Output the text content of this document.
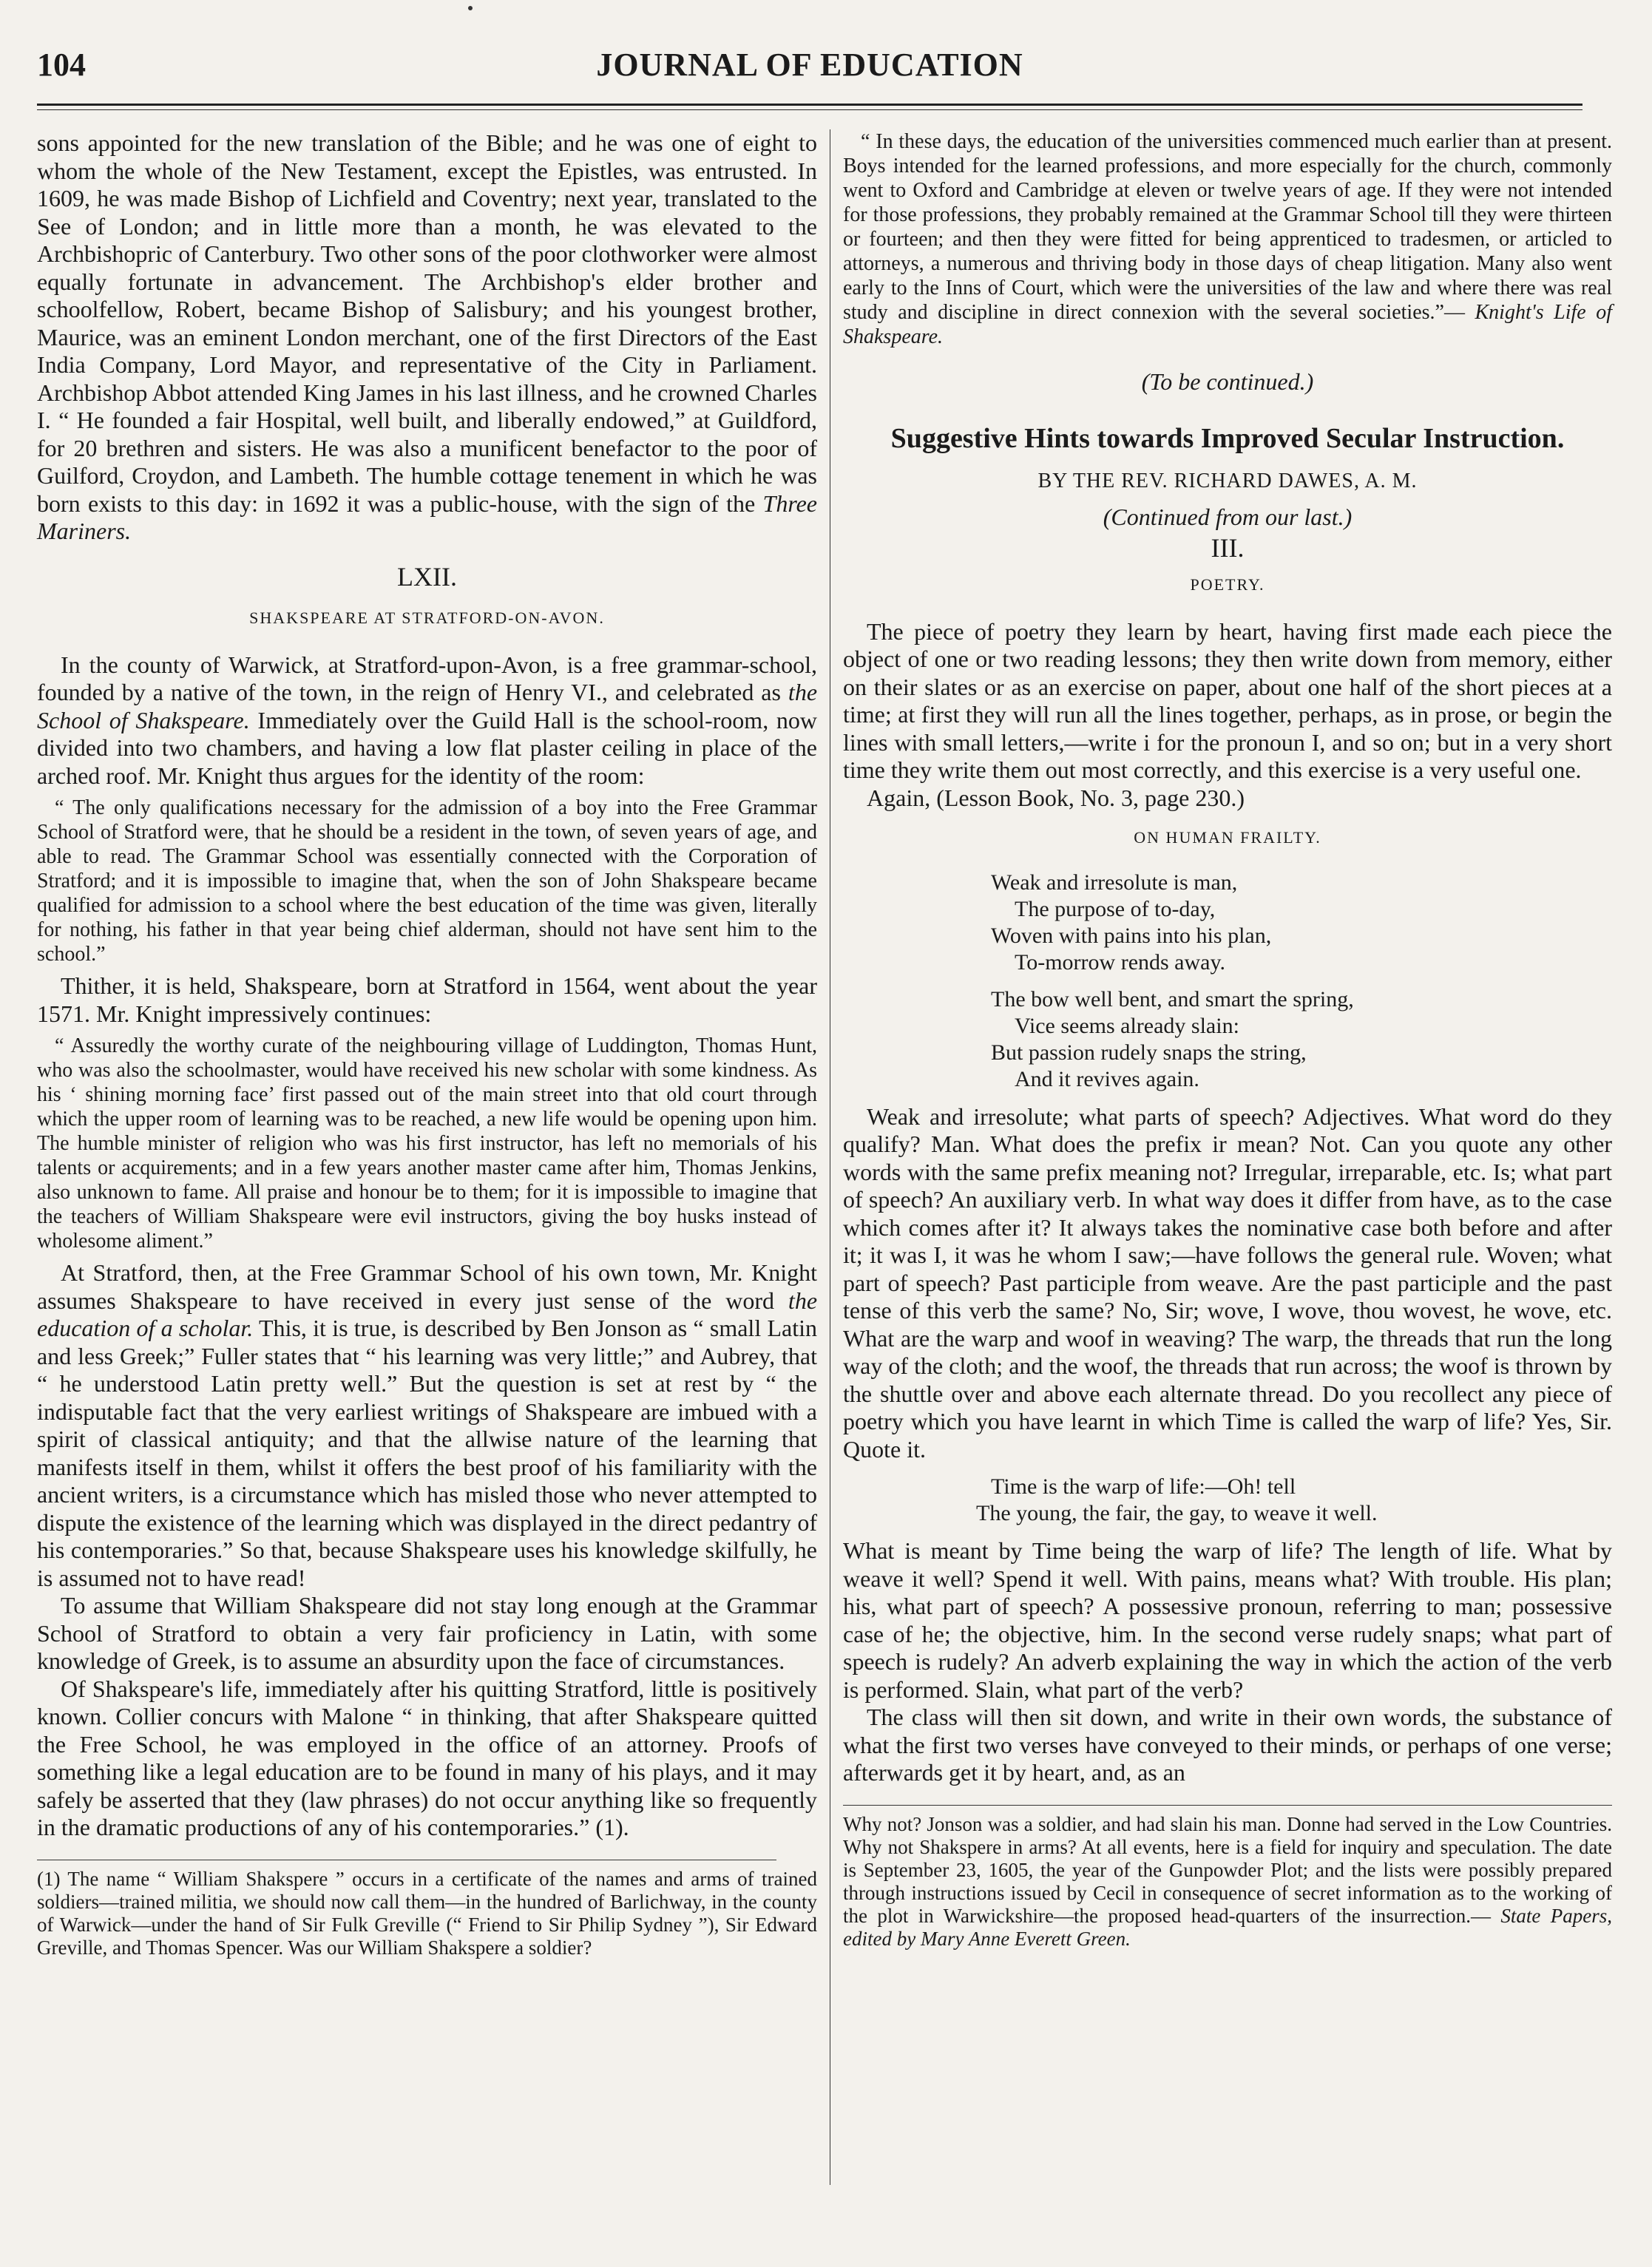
104	JOURNAL OF EDUCATION

sons appointed for the new translation of the Bible; and he was one of eight to whom the whole of the New Testament, except the Epistles, was entrusted. In 1609, he was made Bishop of Lichfield and Coventry; next year, translated to the See of London; and in little more than a month, he was elevated to the Archbishopric of Canterbury. Two other sons of the poor clothworker were almost equally fortunate in advancement. The Archbishop's elder brother and schoolfellow, Robert, became Bishop of Salisbury; and his youngest brother, Maurice, was an eminent London merchant, one of the first Directors of the East India Company, Lord Mayor, and representative of the City in Parliament. Archbishop Abbot attended King James in his last illness, and he crowned Charles I. “ He founded a fair Hospital, well built, and liberally endowed,” at Guildford, for 20 brethren and sisters. He was also a munificent benefactor to the poor of Guilford, Croydon, and Lambeth. The humble cottage tenement in which he was born exists to this day: in 1692 it was a public-house, with the sign of the Three Mariners.

LXII.
SHAKSPEARE AT STRATFORD-ON-AVON.

In the county of Warwick, at Stratford-upon-Avon, is a free grammar-school, founded by a native of the town, in the reign of Henry VI., and celebrated as the School of Shakspeare. Immediately over the Guild Hall is the school-room, now divided into two chambers, and having a low flat plaster ceiling in place of the arched roof. Mr. Knight thus argues for the identity of the room:

“ The only qualifications necessary for the admission of a boy into the Free Grammar School of Stratford were, that he should be a resident in the town, of seven years of age, and able to read. The Grammar School was essentially connected with the Corporation of Stratford; and it is impossible to imagine that, when the son of John Shakspeare became qualified for admission to a school where the best education of the time was given, literally for nothing, his father in that year being chief alderman, should not have sent him to the school.”

Thither, it is held, Shakspeare, born at Stratford in 1564, went about the year 1571. Mr. Knight impressively continues:

“ Assuredly the worthy curate of the neighbouring village of Luddington, Thomas Hunt, who was also the schoolmaster, would have received his new scholar with some kindness. As his ‘ shining morning face’ first passed out of the main street into that old court through which the upper room of learning was to be reached, a new life would be opening upon him. The humble minister of religion who was his first instructor, has left no memorials of his talents or acquirements; and in a few years another master came after him, Thomas Jenkins, also unknown to fame. All praise and honour be to them; for it is impossible to imagine that the teachers of William Shakspeare were evil instructors, giving the boy husks instead of wholesome aliment.”

At Stratford, then, at the Free Grammar School of his own town, Mr. Knight assumes Shakspeare to have received in every just sense of the word the education of a scholar. This, it is true, is described by Ben Jonson as “ small Latin and less Greek;” Fuller states that “ his learning was very little;” and Aubrey, that “ he understood Latin pretty well.” But the question is set at rest by “ the indisputable fact that the very earliest writings of Shakspeare are imbued with a spirit of classical antiquity; and that the allwise nature of the learning that manifests itself in them, whilst it offers the best proof of his familiarity with the ancient writers, is a circumstance which has misled those who never attempted to dispute the existence of the learning which was displayed in the direct pedantry of his contemporaries.” So that, because Shakspeare uses his knowledge skilfully, he is assumed not to have read!

To assume that William Shakspeare did not stay long enough at the Grammar School of Stratford to obtain a very fair proficiency in Latin, with some knowledge of Greek, is to assume an absurdity upon the face of circumstances.

Of Shakspeare's life, immediately after his quitting Stratford, little is positively known. Collier concurs with Malone “ in thinking, that after Shakspeare quitted the Free School, he was employed in the office of an attorney. Proofs of something like a legal education are to be found in many of his plays, and it may safely be asserted that they (law phrases) do not occur anything like so frequently in the dramatic productions of any of his contemporaries.” (1).

(1) The name “ William Shakspere ” occurs in a certificate of the names and arms of trained soldiers—trained militia, we should now call them—in the hundred of Barlichway, in the county of Warwick—under the hand of Sir Fulk Greville (“ Friend to Sir Philip Sydney ”), Sir Edward Greville, and Thomas Spencer. Was our William Shakspere a soldier?

“ In these days, the education of the universities commenced much earlier than at present. Boys intended for the learned professions, and more especially for the church, commonly went to Oxford and Cambridge at eleven or twelve years of age. If they were not intended for those professions, they probably remained at the Grammar School till they were thirteen or fourteen; and then they were fitted for being apprenticed to tradesmen, or articled to attorneys, a numerous and thriving body in those days of cheap litigation. Many also went early to the Inns of Court, which were the universities of the law and where there was real study and discipline in direct connexion with the several societies.”— Knight's Life of Shakspeare.

(To be continued.)
Suggestive Hints towards Improved Secular Instruction.
BY THE REV. RICHARD DAWES, A. M.
(Continued from our last.)
III.
POETRY.

The piece of poetry they learn by heart, having first made each piece the object of one or two reading lessons; they then write down from memory, either on their slates or as an exercise on paper, about one half of the short pieces at a time; at first they will run all the lines together, perhaps, as in prose, or begin the lines with small letters,—write i for the pronoun I, and so on; but in a very short time they write them out most correctly, and this exercise is a very useful one.

Again, (Lesson Book, No. 3, page 230.)

ON HUMAN FRAILTY.
Weak and irresolute is man,
The purpose of to-day,
Woven with pains into his plan,
To-morrow rends away.
The bow well bent, and smart the spring,
Vice seems already slain:
But passion rudely snaps the string,
And it revives again.

Weak and irresolute; what parts of speech? Adjectives. What word do they qualify? Man. What does the prefix ir mean? Not. Can you quote any other words with the same prefix meaning not? Irregular, irreparable, etc. Is; what part of speech? An auxiliary verb. In what way does it differ from have, as to the case which comes after it? It always takes the nominative case both before and after it; it was I, it was he whom I saw;—have follows the general rule. Woven; what part of speech? Past participle from weave. Are the past participle and the past tense of this verb the same? No, Sir; wove, I wove, thou wovest, he wove, etc. What are the warp and woof in weaving? The warp, the threads that run the long way of the cloth; and the woof, the threads that run across; the woof is thrown by the shuttle over and above each alternate thread. Do you recollect any piece of poetry which you have learnt in which Time is called the warp of life? Yes, Sir. Quote it.

Time is the warp of life:—Oh! tell
The young, the fair, the gay, to weave it well.

What is meant by Time being the warp of life? The length of life. What by weave it well? Spend it well. With pains, means what? With trouble. His plan; his, what part of speech? A possessive pronoun, referring to man; possessive case of he; the objective, him. In the second verse rudely snaps; what part of speech is rudely? An adverb explaining the way in which the action of the verb is performed. Slain, what part of the verb?

The class will then sit down, and write in their own words, the substance of what the first two verses have conveyed to their minds, or perhaps of one verse; afterwards get it by heart, and, as an

Why not? Jonson was a soldier, and had slain his man. Donne had served in the Low Countries. Why not Shakspere in arms? At all events, here is a field for inquiry and speculation. The date is September 23, 1605, the year of the Gunpowder Plot; and the lists were possibly prepared through instructions issued by Cecil in consequence of secret information as to the working of the plot in Warwickshire—the proposed head-quarters of the insurrection.— State Papers, edited by Mary Anne Everett Green.
